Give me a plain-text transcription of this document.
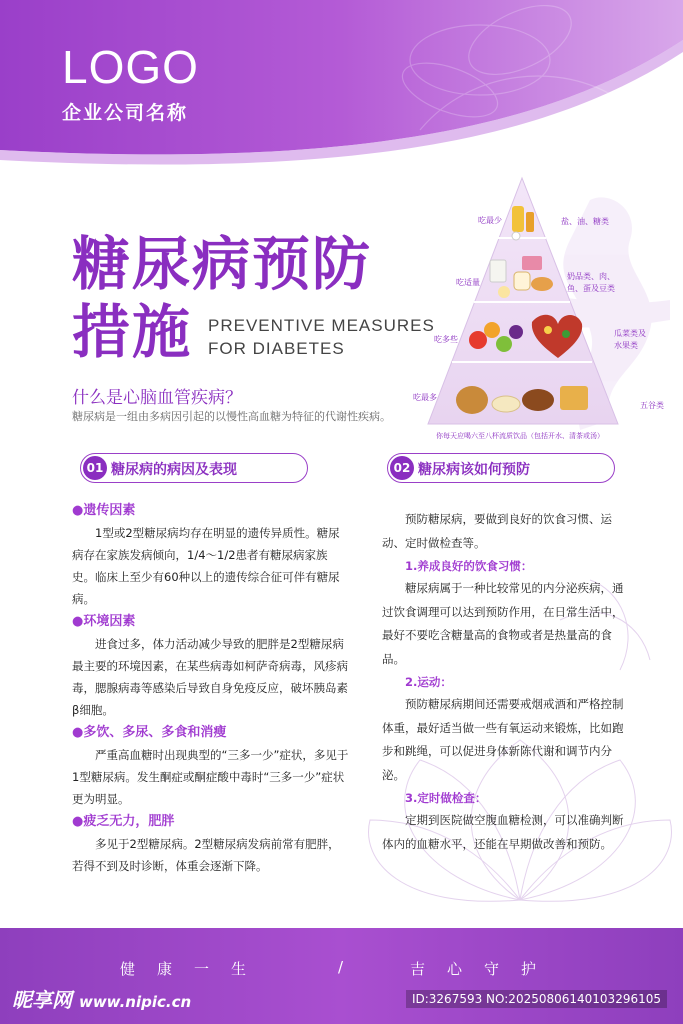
LOGO
企业公司名称
糖尿病预防
措施 PREVENTIVE MEASURES
FOR DIABETES
什么是心脑血管疾病？
糖尿病是一组由多病因引起的以慢性高血糖为特征的代谢性疾病。
吃最少
吃适量
吃多些
吃最多
盐、油、糖类
奶品类、肉、
鱼、蛋及豆类
瓜菜类及
水果类
五谷类
你每天应喝六至八杯流质饮品（包括开水、清茶或汤）
01 糖尿病的病因及表现	02 糖尿病该如何预防

●遗传因素

1型或2型糖尿病均存在明显的遗传异质性。糖尿病存在家族发病倾向，1/4～1/2患者有糖尿病家族史。临床上至少有60种以上的遗传综合征可伴有糖尿病。

●环境因素

进食过多，体力活动减少导致的肥胖是2型糖尿病最主要的环境因素，在某些病毒如柯萨奇病毒，风疹病毒，腮腺病毒等感染后导致自身免疫反应，破坏胰岛素β细胞。

●多饮、多尿、多食和消瘦

严重高血糖时出现典型的“三多一少”症状，多见于1型糖尿病。发生酮症或酮症酸中毒时“三多一少”症状更为明显。

●疲乏无力，肥胖

多见于2型糖尿病。2型糖尿病发病前常有肥胖，若得不到及时诊断，体重会逐渐下降。

预防糖尿病，要做到良好的饮食习惯、运动、定时做检查等。

1.养成良好的饮食习惯：

糖尿病属于一种比较常见的内分泌疾病，通过饮食调理可以达到预防作用，在日常生活中，最好不要吃含糖量高的食物或者是热量高的食品。

2.运动：

预防糖尿病期间还需要戒烟戒酒和严格控制体重，最好适当做一些有氧运动来锻炼，比如跑步和跳绳，可以促进身体新陈代谢和调节内分泌。

3.定时做检查：

定期到医院做空腹血糖检测，可以准确判断体内的血糖水平，还能在早期做改善和预防。

健康一生	/	吉心守护
昵享网 www.nipic.cn	ID:3267593 NO:20250806140103296105
